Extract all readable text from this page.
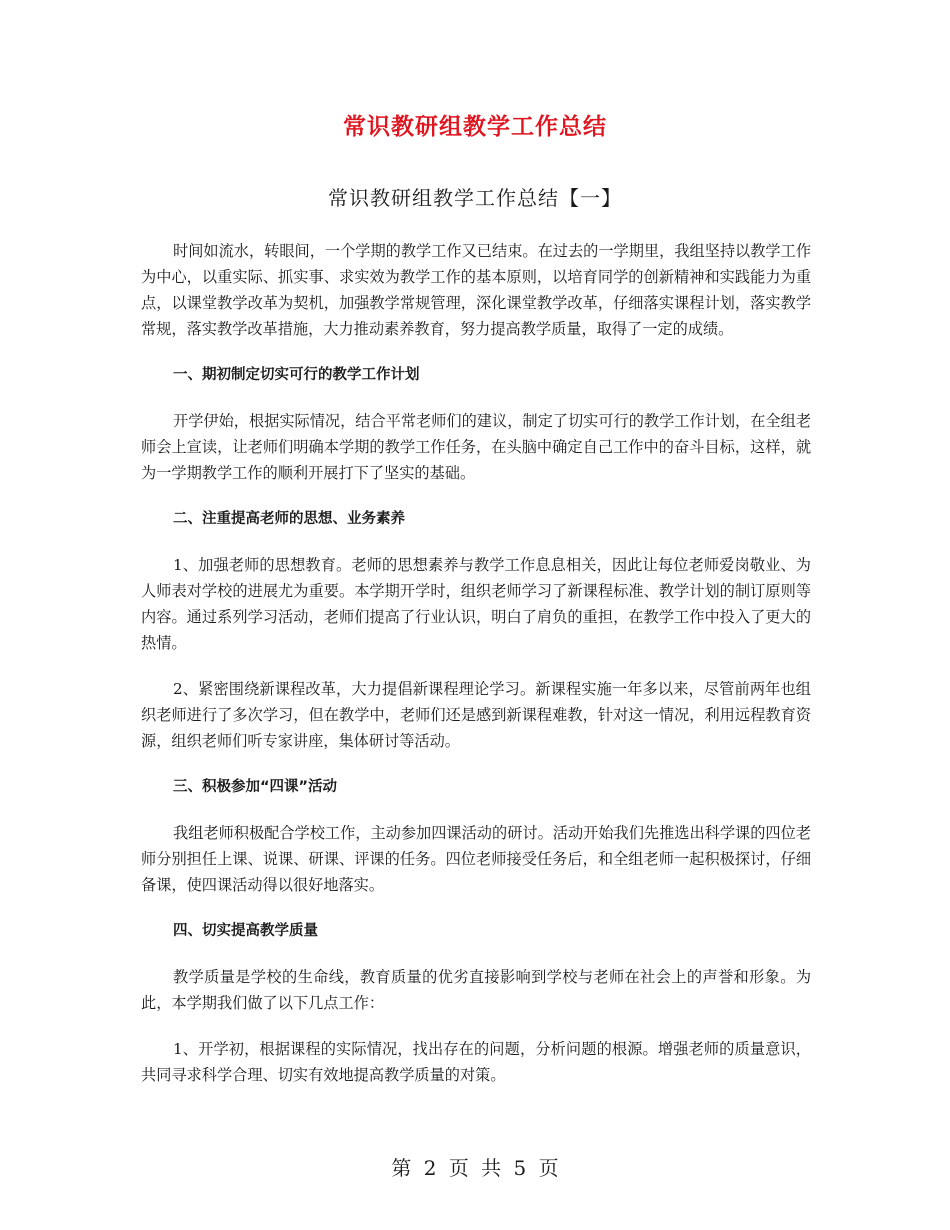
常识教研组教学工作总结
常识教研组教学工作总结【一】

时间如流水，转眼间，一个学期的教学工作又已结束。在过去的一学期里，我组坚持以教学工作为中心，以重实际、抓实事、求实效为教学工作的基本原则，以培育同学的创新精神和实践能力为重点，以课堂教学改革为契机，加强教学常规管理，深化课堂教学改革，仔细落实课程计划，落实教学常规，落实教学改革措施，大力推动素养教育，努力提高教学质量，取得了一定的成绩。

一、期初制定切实可行的教学工作计划

开学伊始，根据实际情况，结合平常老师们的建议，制定了切实可行的教学工作计划，在全组老师会上宣读，让老师们明确本学期的教学工作任务，在头脑中确定自己工作中的奋斗目标，这样，就为一学期教学工作的顺利开展打下了坚实的基础。

二、注重提高老师的思想、业务素养

1、加强老师的思想教育。老师的思想素养与教学工作息息相关，因此让每位老师爱岗敬业、为人师表对学校的进展尤为重要。本学期开学时，组织老师学习了新课程标准、教学计划的制订原则等内容。通过系列学习活动，老师们提高了行业认识，明白了肩负的重担，在教学工作中投入了更大的热情。

2、紧密围绕新课程改革，大力提倡新课程理论学习。新课程实施一年多以来，尽管前两年也组织老师进行了多次学习，但在教学中，老师们还是感到新课程难教，针对这一情况，利用远程教育资源，组织老师们听专家讲座，集体研讨等活动。

三、积极参加“四课”活动

我组老师积极配合学校工作，主动参加四课活动的研讨。活动开始我们先推选出科学课的四位老师分别担任上课、说课、研课、评课的任务。四位老师接受任务后，和全组老师一起积极探讨，仔细备课，使四课活动得以很好地落实。

四、切实提高教学质量

教学质量是学校的生命线，教育质量的优劣直接影响到学校与老师在社会上的声誉和形象。为此，本学期我们做了以下几点工作：

1、开学初，根据课程的实际情况，找出存在的问题，分析问题的根源。增强老师的质量意识，共同寻求科学合理、切实有效地提高教学质量的对策。

第 2 页 共 5 页
